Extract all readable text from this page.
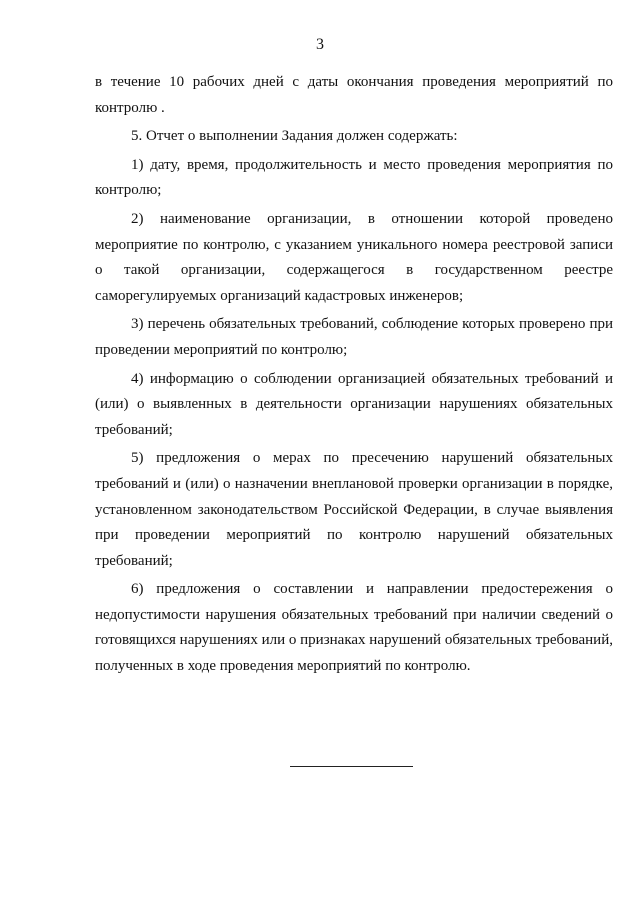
3

в течение 10 рабочих дней с даты окончания проведения мероприятий по контролю .

5. Отчет о выполнении Задания должен содержать:

1) дату, время, продолжительность и место проведения мероприятия по контролю;

2) наименование организации, в отношении которой проведено мероприятие по контролю, с указанием уникального номера реестровой записи о такой организации, содержащегося в государственном реестре саморегулируемых организаций кадастровых инженеров;

3) перечень обязательных требований, соблюдение которых проверено при проведении мероприятий по контролю;

4) информацию о соблюдении организацией обязательных требований и (или) о выявленных в деятельности организации нарушениях обязательных требований;

5) предложения о мерах по пресечению нарушений обязательных требований и (или) о назначении внеплановой проверки организации в порядке, установленном законодательством Российской Федерации, в случае выявления при проведении мероприятий по контролю нарушений обязательных требований;

6) предложения о составлении и направлении предостережения о недопустимости нарушения обязательных требований при наличии сведений о готовящихся нарушениях или о признаках нарушений обязательных требований, полученных в ходе проведения мероприятий по контролю.
